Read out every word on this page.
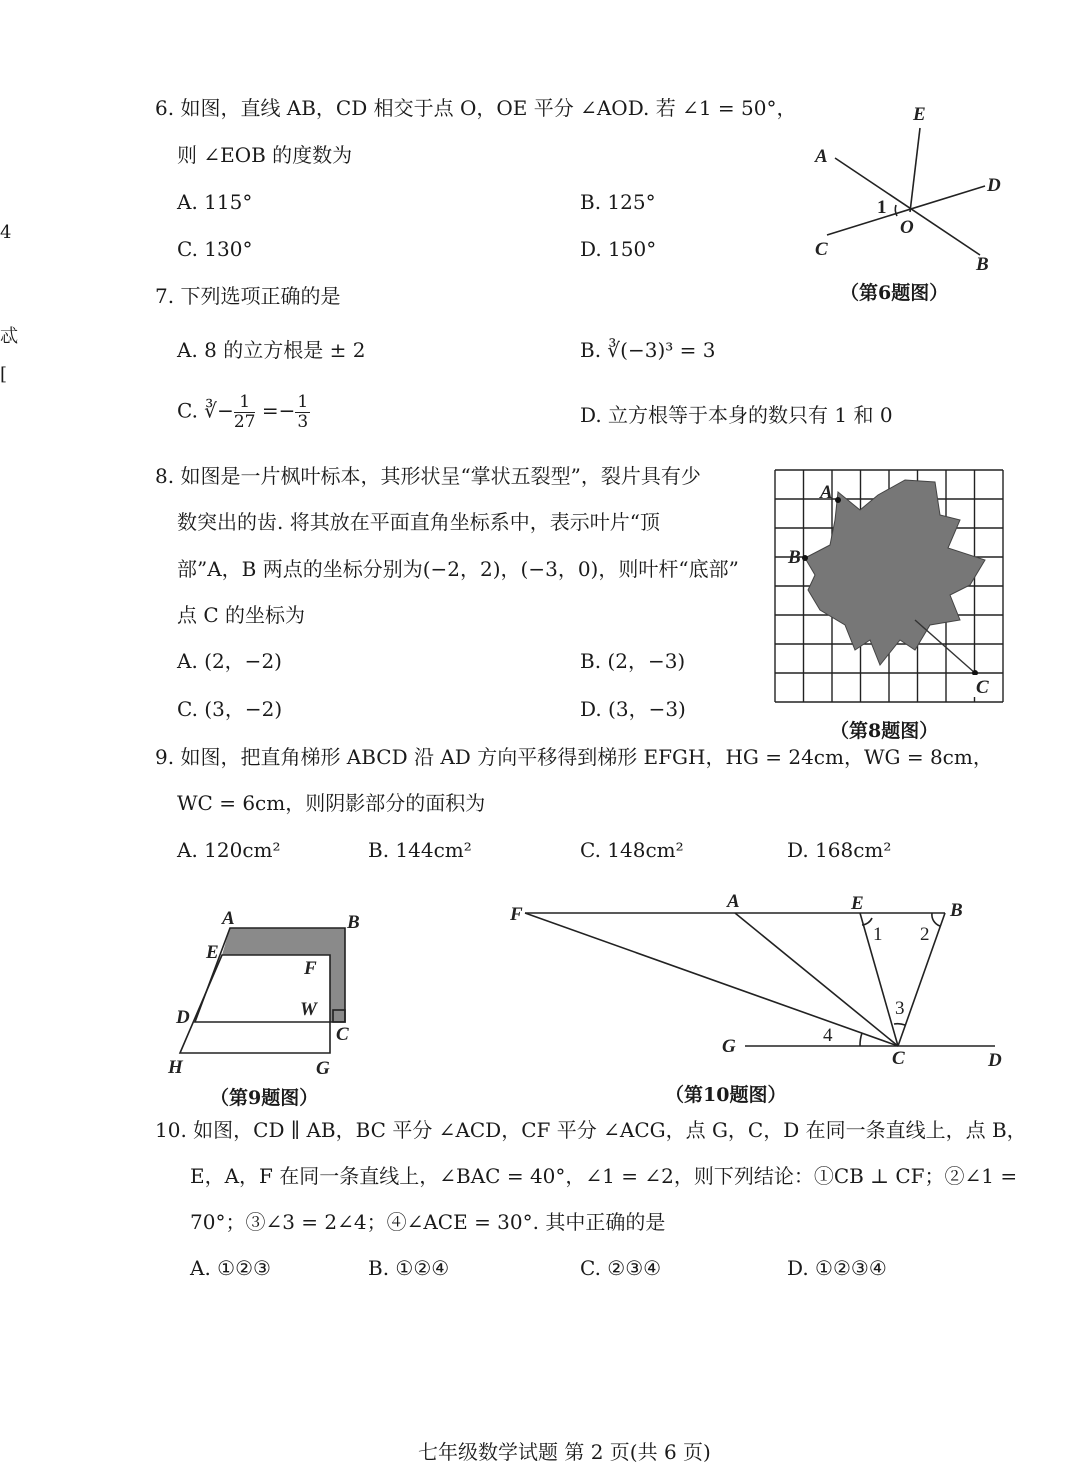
4
忒
[
6. 如图，直线 AB，CD 相交于点 O，OE 平分 ∠AOD. 若 ∠1 = 50°，
则 ∠EOB 的度数为
A. 115°	B. 125°
C. 130°	D. 150°
7. 下列选项正确的是
A. 8 的立方根是 ± 2	B. ∛(−3)³ = 3
C. ∛− $\frac{1}{27} =- \frac{1}{3}$	D. 立方根等于本身的数只有 1 和 0
8. 如图是一片枫叶标本，其形状呈“掌状五裂型”，裂片具有少
数突出的齿. 将其放在平面直角坐标系中，表示叶片“顶
部”A，B 两点的坐标分别为(−2，2)，(−3，0)，则叶杆“底部”
点 C 的坐标为
A. (2，−2)	B. (2，−3)
C. (3，−2)	D. (3，−3)
9. 如图，把直角梯形 ABCD 沿 AD 方向平移得到梯形 EFGH，HG = 24cm，WG = 8cm，
WC = 6cm，则阴影部分的面积为
A. 120cm²	B. 144cm²	C. 148cm²	D. 168cm²
10. 如图，CD ∥ AB，BC 平分 ∠ACD，CF 平分 ∠ACG，点 G，C，D 在同一条直线上，点 B，
E，A，F 在同一条直线上，∠BAC = 40°，∠1 = ∠2，则下列结论：①CB ⊥ CF；②∠1 =
70°；③∠3 = 2∠4；④∠ACE = 30°. 其中正确的是
A. ①②③	B. ①②④	C. ②③④	D. ①②③④
E
A
D
1
O
C
B
A
B
C
A	B
E
F
D	W
C
H	G
F
A	E	B
1 2
3
4
G
C	D
（第6题图）
（第8题图）
（第9题图）	（第10题图）
七年级数学试题 第 2 页(共 6 页)
